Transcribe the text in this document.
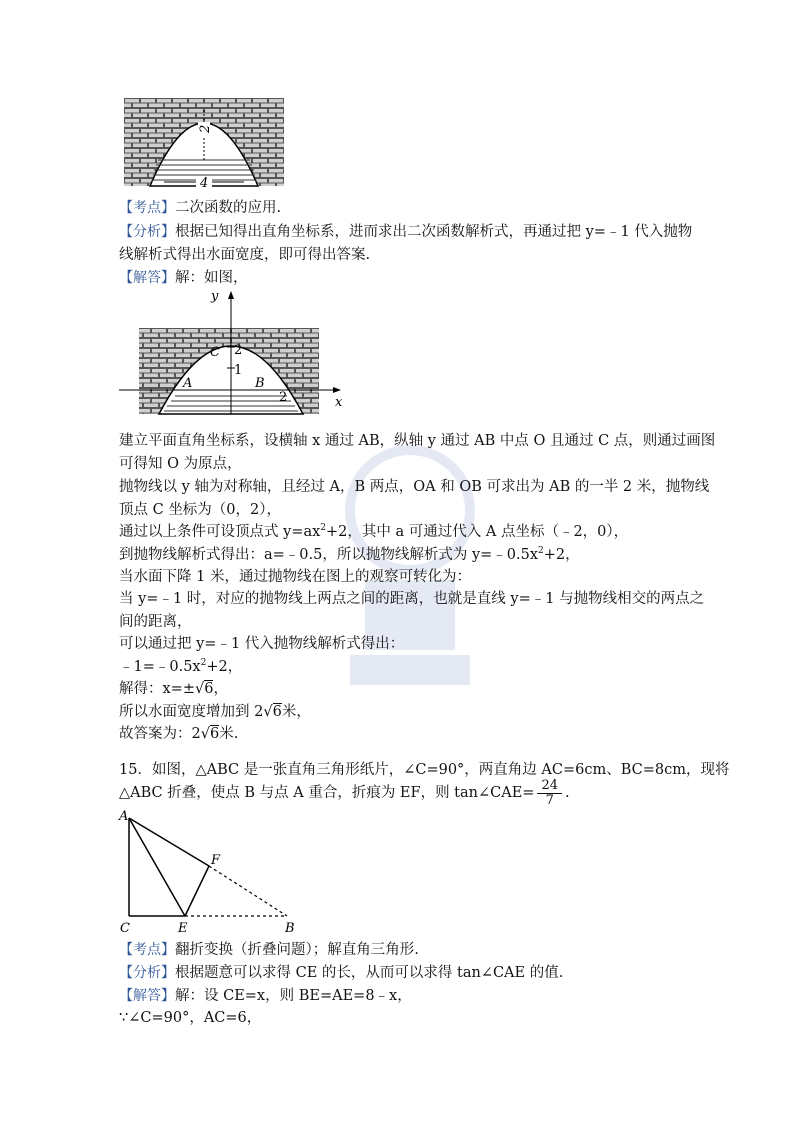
2
4
【考点】二次函数的应用.
【分析】根据已知得出直角坐标系，进而求出二次函数解析式，再通过把 y=﹣1 代入抛物
线解析式得出水面宽度，即可得出答案.
【解答】解：如图，
y
x
C 2
1
A	B
2
建立平面直角坐标系，设横轴 x 通过 AB，纵轴 y 通过 AB 中点 O 且通过 C 点，则通过画图
可得知 O 为原点，
抛物线以 y 轴为对称轴，且经过 A，B 两点，OA 和 OB 可求出为 AB 的一半 2 米，抛物线
顶点 C 坐标为（0，2），
通过以上条件可设顶点式 $y=ax^2+2$，其中 a 可通过代入 A 点坐标（﹣2，0），
到抛物线解析式得出：a=﹣0.5，所以抛物线解析式为 $y=﹣0.5x^2+2$，
当水面下降 1 米，通过抛物线在图上的观察可转化为：
当 y=﹣1 时，对应的抛物线上两点之间的距离，也就是直线 y=﹣1 与抛物线相交的两点之
间的距离，
可以通过把 y=﹣1 代入抛物线解析式得出：
$﹣1=﹣0.5x^2+2$，
解得：x=±√6，
所以水面宽度增加到 2√6米，
故答案为：2√6米.
15．如图，△ABC 是一张直角三角形纸片，∠C=90°，两直角边 AC=6cm、BC=8cm，现将
△ABC 折叠，使点 B 与点 A 重合，折痕为 EF，则 tan∠CAE= $\frac{24}{7}$ .
A
C	E
F
B
【考点】翻折变换（折叠问题）；解直角三角形.
【分析】根据题意可以求得 CE 的长，从而可以求得 tan∠CAE 的值.
【解答】解：设 CE=x，则 BE=AE=8﹣x，
∵∠C=90°，AC=6，
